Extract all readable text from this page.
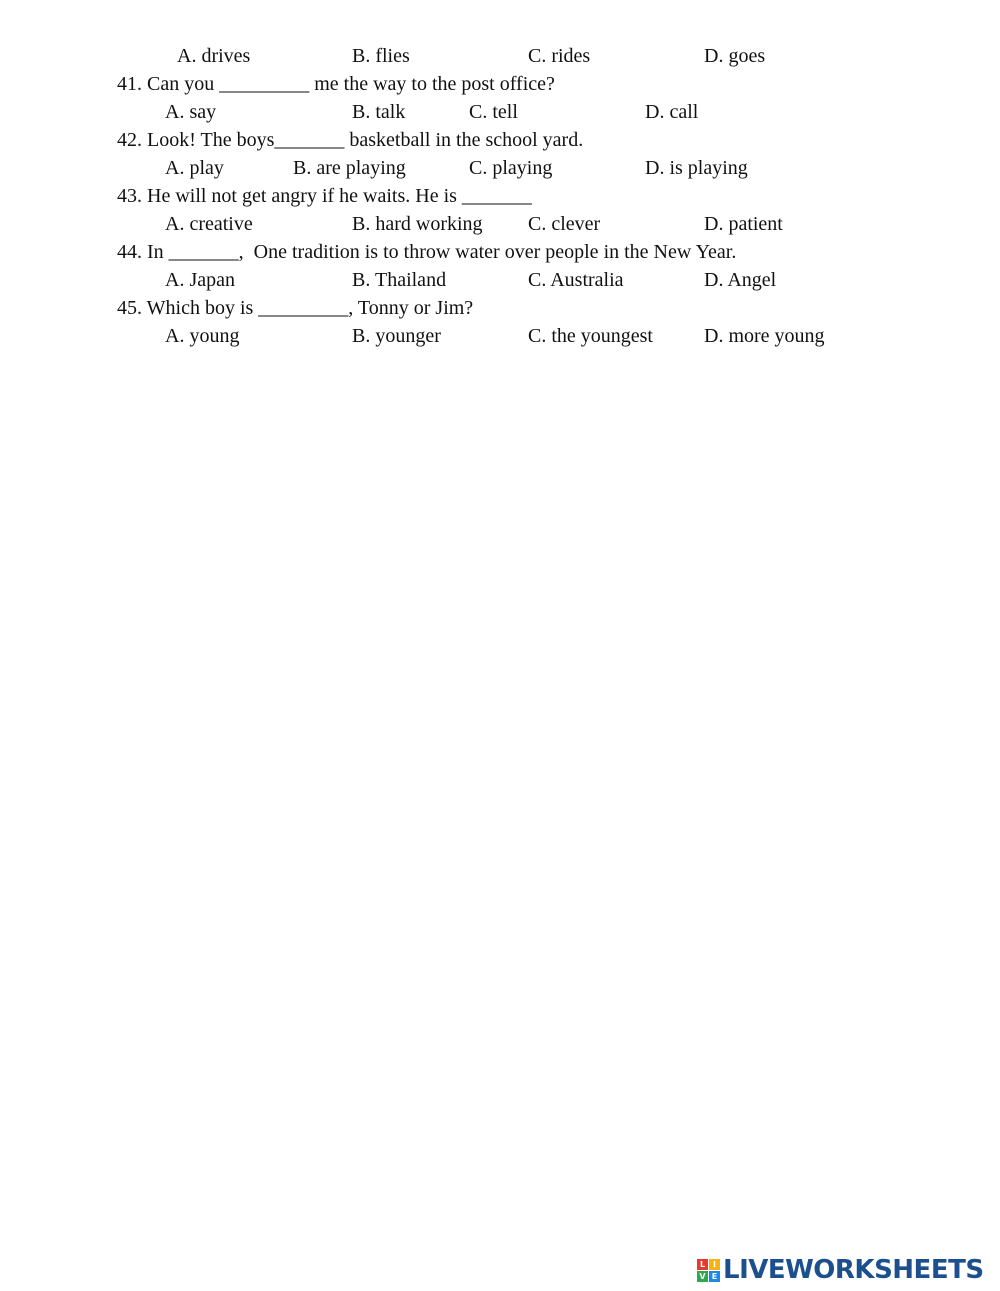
A. drives	B. flies	C. rides	D. goes
41. Can you _________ me the way to the post office?
A. say	B. talk	C. tell	D. call
42. Look! The boys_______ basketball in the school yard.
A. play	B. are playing	C. playing	D. is playing
43. He will not get angry if he waits. He is _______
A. creative	B. hard working C. clever	D. patient
44. In _______,  One tradition is to throw water over people in the New Year.
A. Japan	B. Thailand	C. Australia	D. Angel
45. Which boy is _________, Tonny or Jim?
A. young	B. younger	C. the youngest	D. more young
L I
V E LIVEWORKSHEETS
